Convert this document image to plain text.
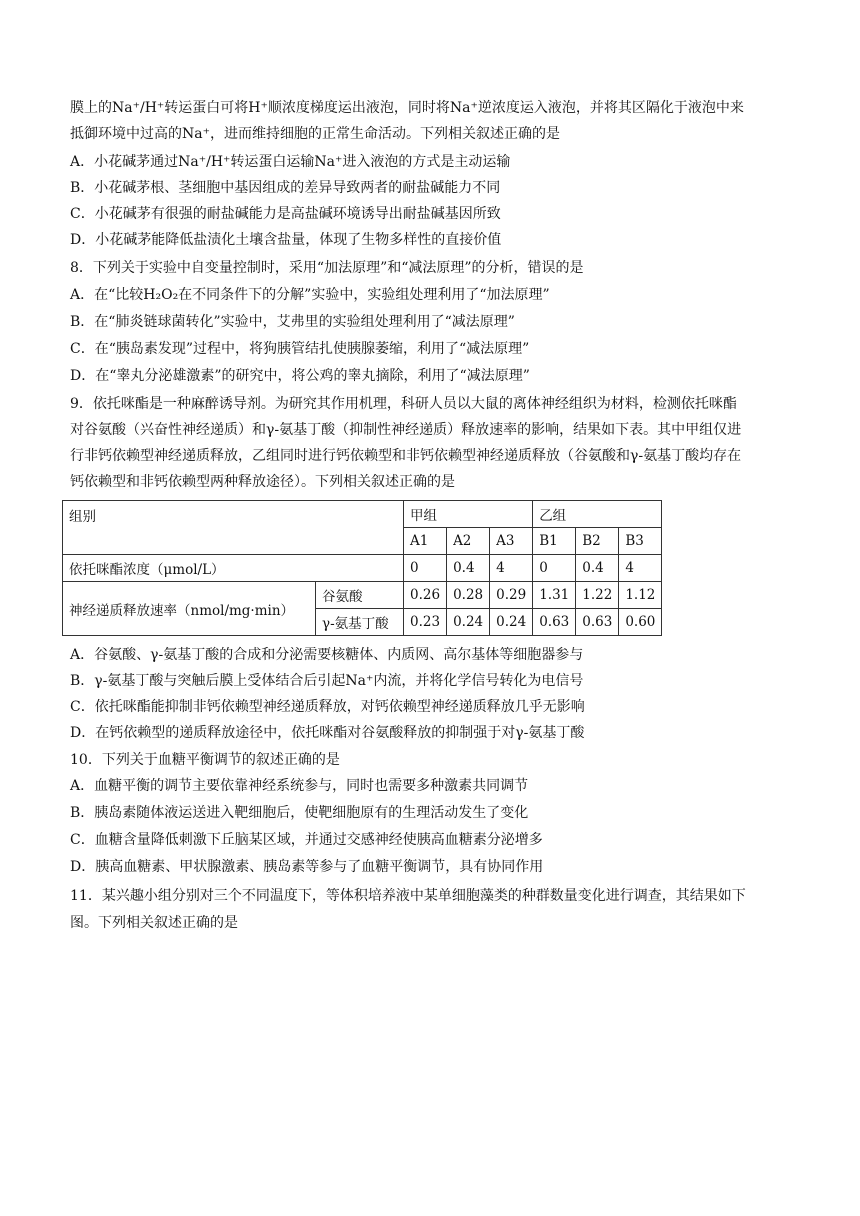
膜上的Na⁺/H⁺转运蛋白可将H⁺顺浓度梯度运出液泡，同时将Na⁺逆浓度运入液泡，并将其区隔化于液泡中来
抵御环境中过高的Na⁺，进而维持细胞的正常生命活动。下列相关叙述正确的是
A．小花碱茅通过Na⁺/H⁺转运蛋白运输Na⁺进入液泡的方式是主动运输
B．小花碱茅根、茎细胞中基因组成的差异导致两者的耐盐碱能力不同
C．小花碱茅有很强的耐盐碱能力是高盐碱环境诱导出耐盐碱基因所致
D．小花碱茅能降低盐渍化土壤含盐量，体现了生物多样性的直接价值
8．下列关于实验中自变量控制时，采用“加法原理”和“减法原理”的分析，错误的是
A．在“比较H₂O₂在不同条件下的分解”实验中，实验组处理利用了“加法原理”
B．在“肺炎链球菌转化”实验中，艾弗里的实验组处理利用了“减法原理”
C．在“胰岛素发现”过程中，将狗胰管结扎使胰腺萎缩，利用了“减法原理”
D．在“睾丸分泌雄激素”的研究中，将公鸡的睾丸摘除，利用了“减法原理”
9．依托咪酯是一种麻醉诱导剂。为研究其作用机理，科研人员以大鼠的离体神经组织为材料，检测依托咪酯
对谷氨酸（兴奋性神经递质）和γ-氨基丁酸（抑制性神经递质）释放速率的影响，结果如下表。其中甲组仅进
行非钙依赖型神经递质释放，乙组同时进行钙依赖型和非钙依赖型神经递质释放（谷氨酸和γ-氨基丁酸均存在
钙依赖型和非钙依赖型两种释放途径）。下列相关叙述正确的是
组别		甲组			乙组		
		A1	A2	A3	B1	B2	B3
依托咪酯浓度（μmol/L）		0	0.4	4	0	0.4	4
神经递质释放速率（nmol/mg·min）	谷氨酸	0.26	0.28	0.29	1.31	1.22	1.12
	γ-氨基丁酸	0.23	0.24	0.24	0.63	0.63	0.60
A．谷氨酸、γ-氨基丁酸的合成和分泌需要核糖体、内质网、高尔基体等细胞器参与
B．γ-氨基丁酸与突触后膜上受体结合后引起Na⁺内流，并将化学信号转化为电信号
C．依托咪酯能抑制非钙依赖型神经递质释放，对钙依赖型神经递质释放几乎无影响
D．在钙依赖型的递质释放途径中，依托咪酯对谷氨酸释放的抑制强于对γ-氨基丁酸
10．下列关于血糖平衡调节的叙述正确的是
A．血糖平衡的调节主要依靠神经系统参与，同时也需要多种激素共同调节
B．胰岛素随体液运送进入靶细胞后，使靶细胞原有的生理活动发生了变化
C．血糖含量降低刺激下丘脑某区域，并通过交感神经使胰高血糖素分泌增多
D．胰高血糖素、甲状腺激素、胰岛素等参与了血糖平衡调节，具有协同作用
11．某兴趣小组分别对三个不同温度下，等体积培养液中某单细胞藻类的种群数量变化进行调查，其结果如下
图。下列相关叙述正确的是
